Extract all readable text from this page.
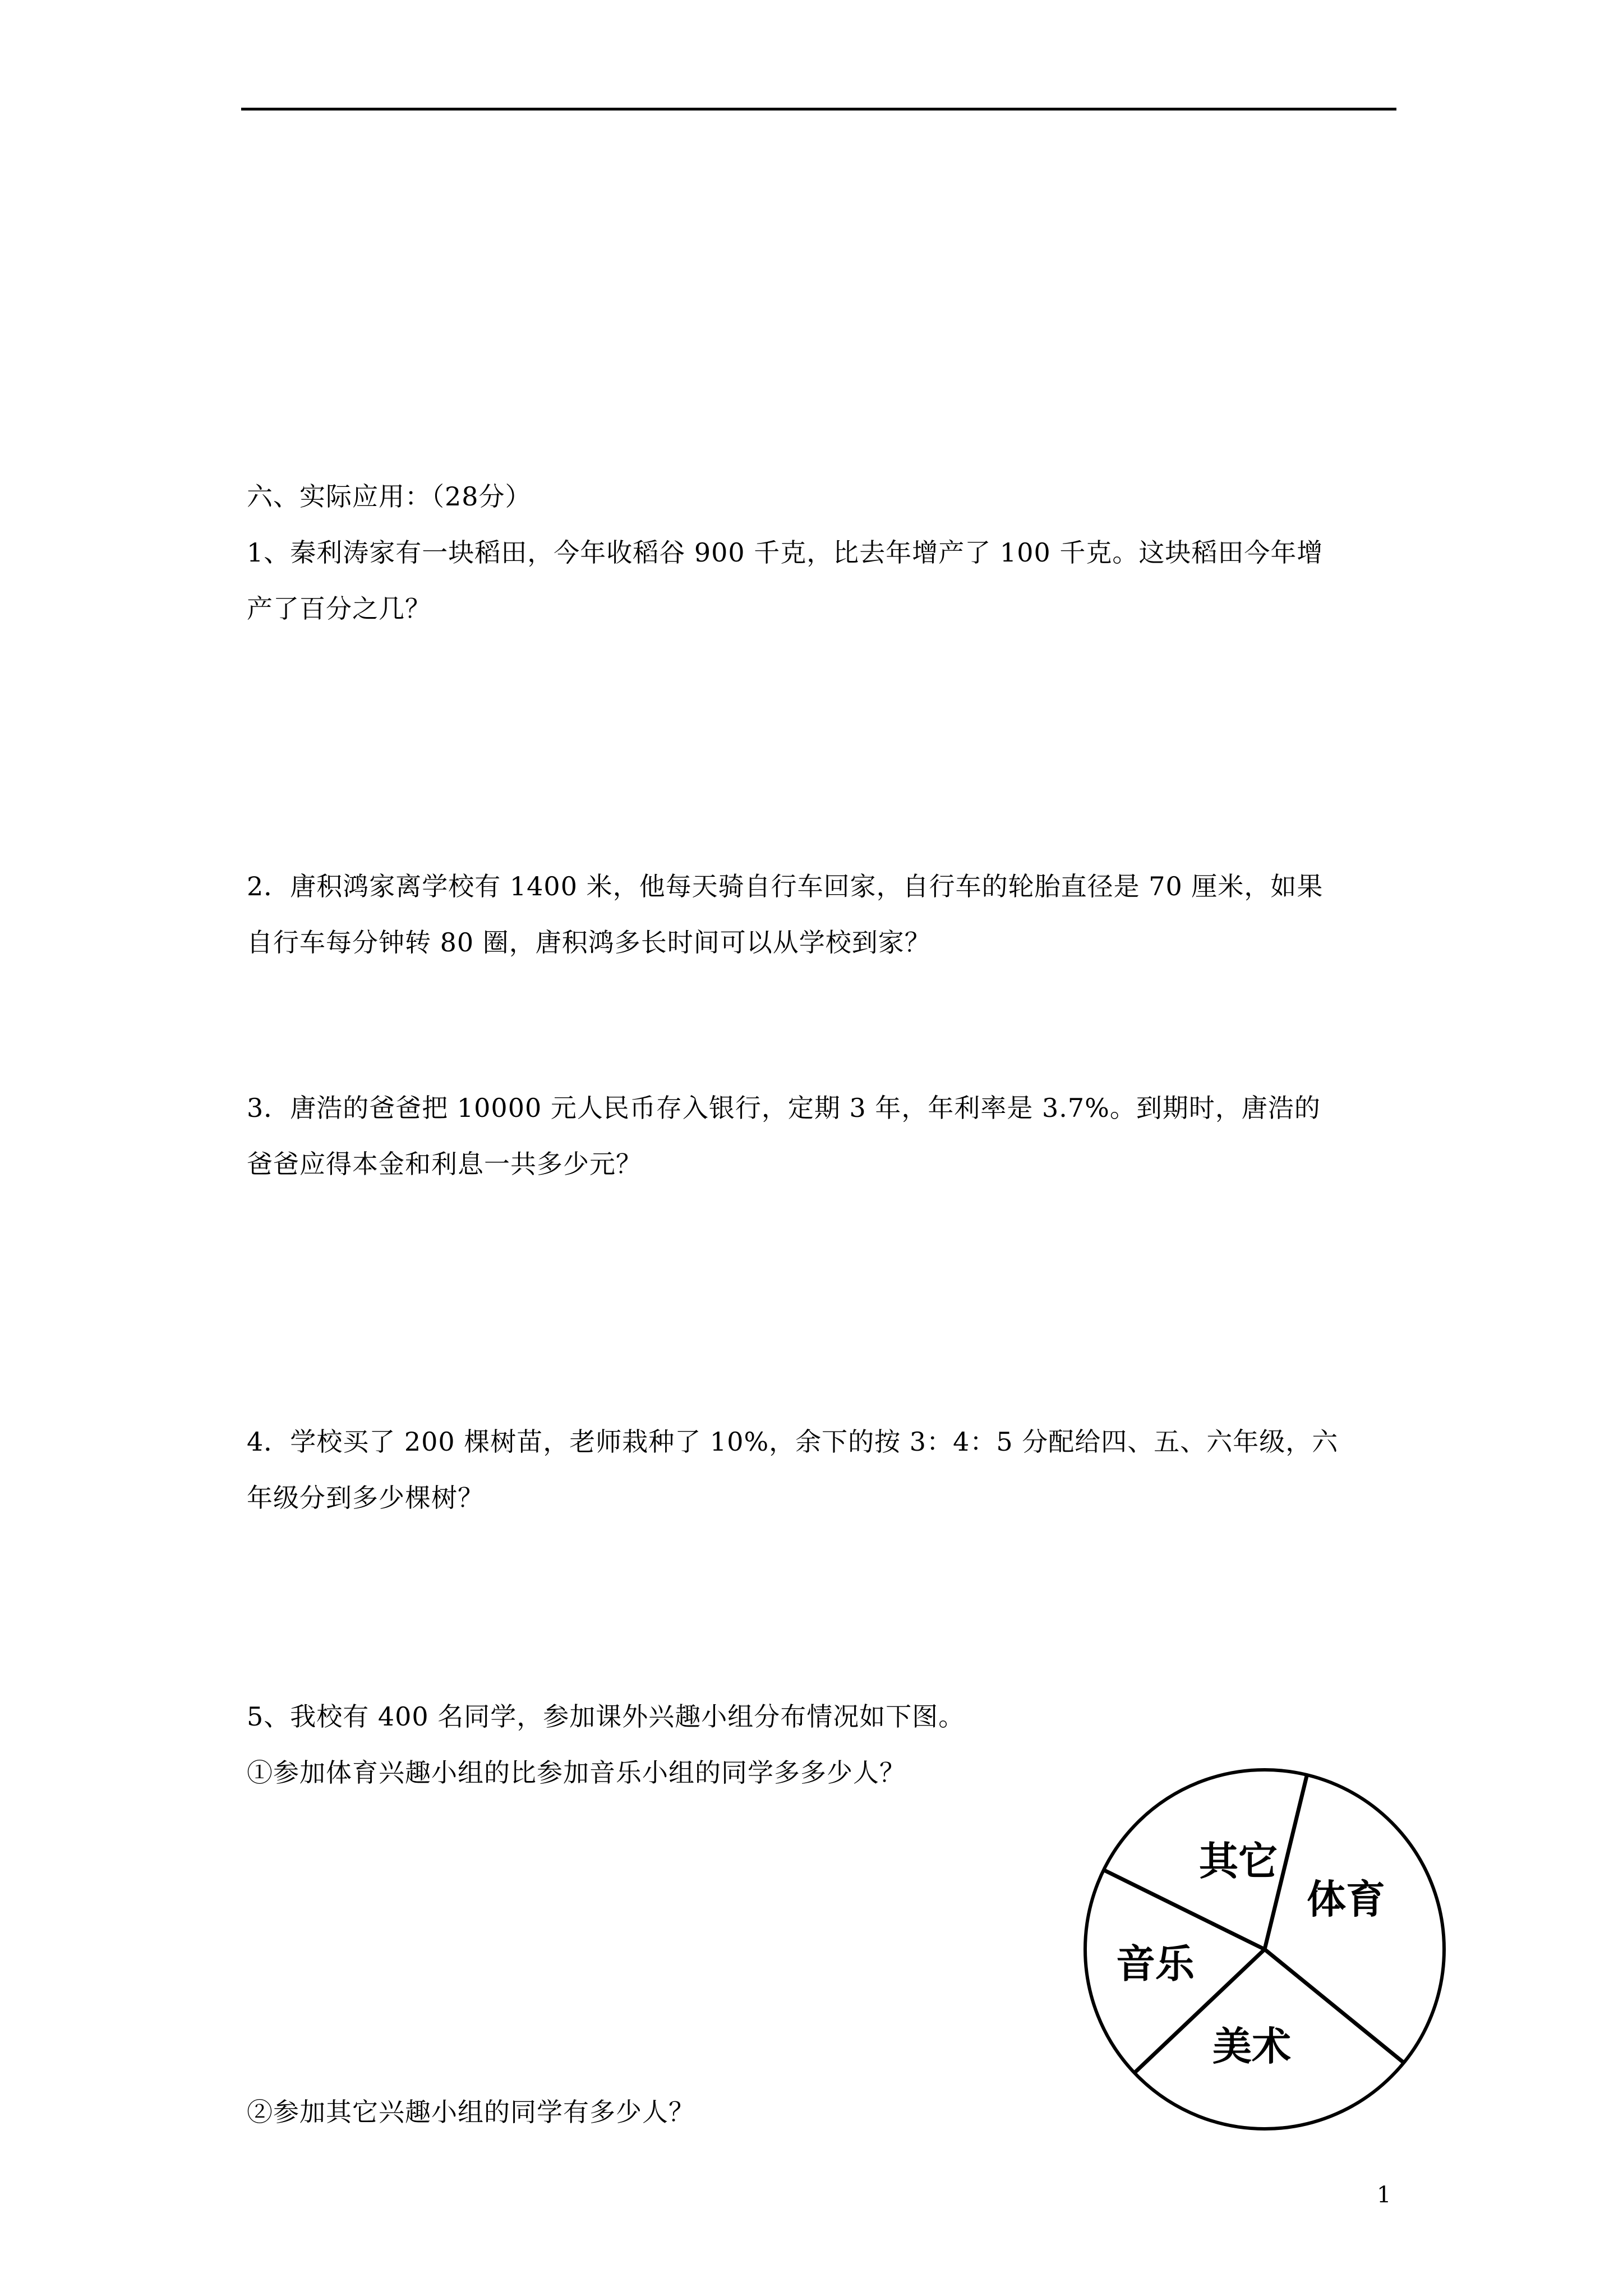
六、实际应用：（28分）
1、秦利涛家有一块稻田，今年收稻谷 900 千克，比去年增产了 100 千克。这块稻田今年增
产了百分之几？
2．唐积鸿家离学校有 1400 米，他每天骑自行车回家，自行车的轮胎直径是 70 厘米，如果
自行车每分钟转 80 圈，唐积鸿多长时间可以从学校到家？
3．唐浩的爸爸把 10000 元人民币存入银行，定期 3 年，年利率是 3.7%。到期时，唐浩的
爸爸应得本金和利息一共多少元？
4．学校买了 200 棵树苗，老师栽种了 10%，余下的按 3：4：5 分配给四、五、六年级，六
年级分到多少棵树？
5、我校有 400 名同学，参加课外兴趣小组分布情况如下图。
①参加体育兴趣小组的比参加音乐小组的同学多多少人？
②参加其它兴趣小组的同学有多少人？
其它
体育
美术
音乐
1
